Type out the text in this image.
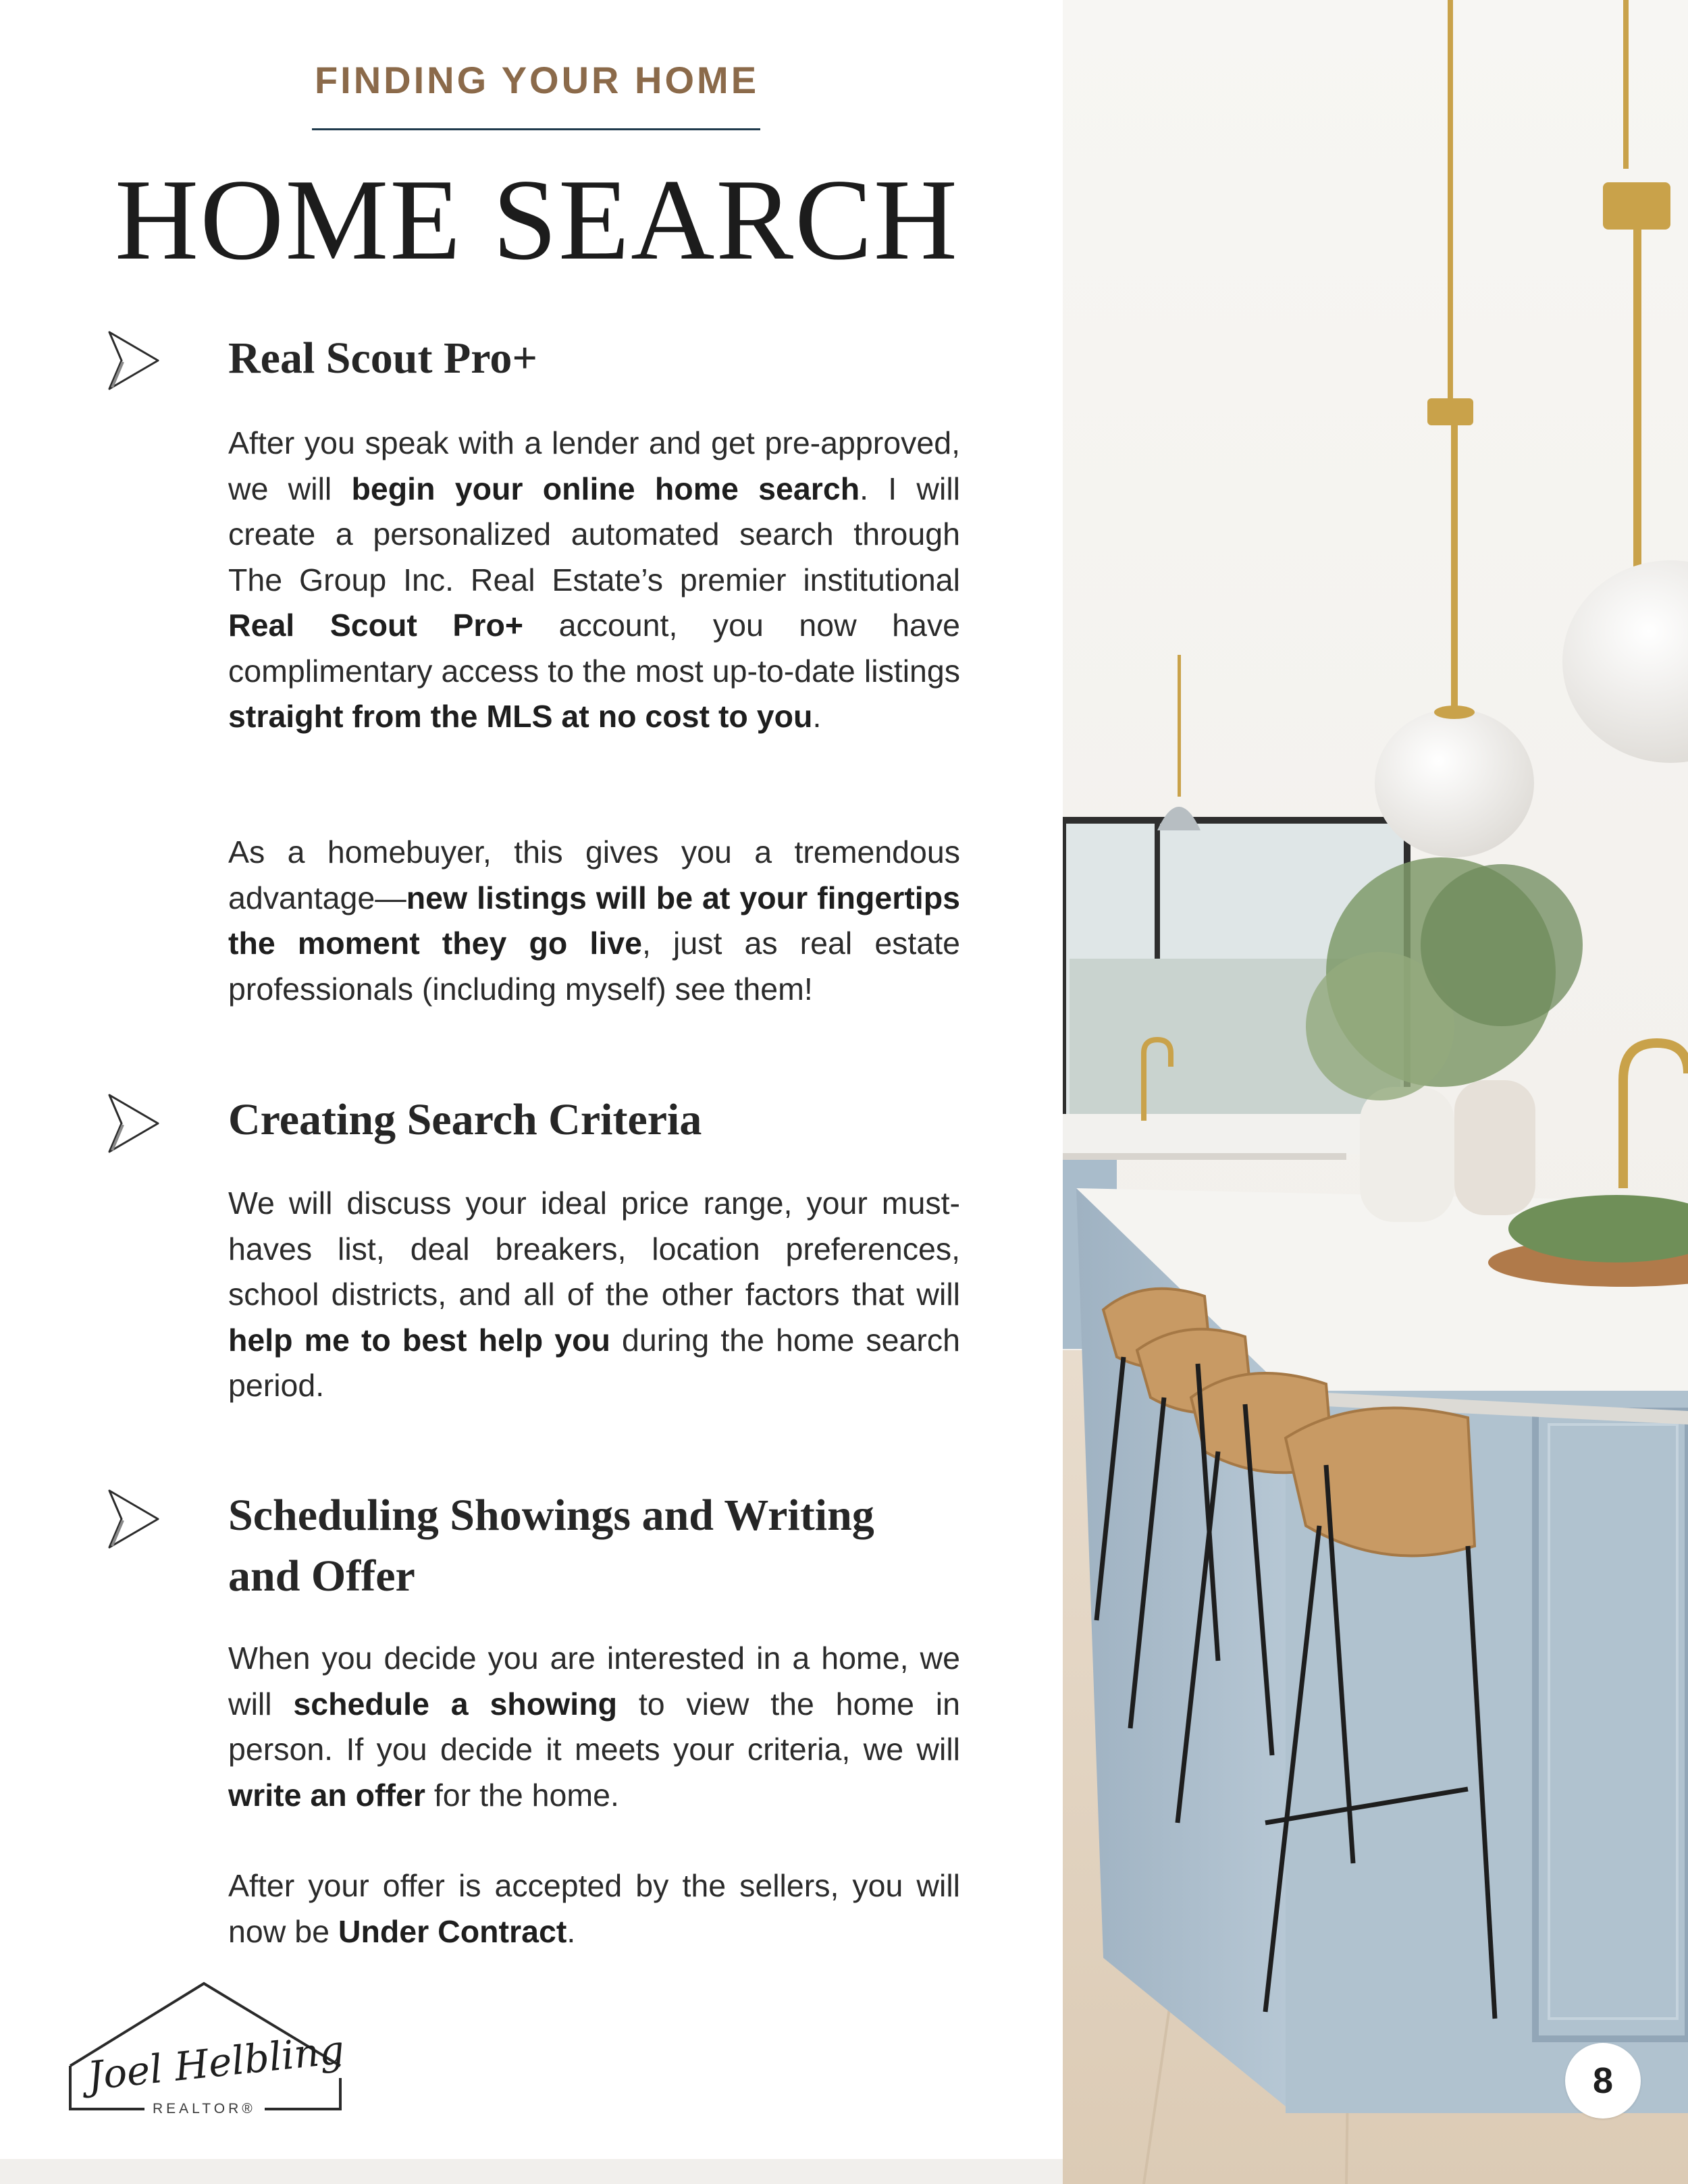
FINDING YOUR HOME
HOME SEARCH
Real Scout Pro+

After you speak with a lender and get pre-approved, we will begin your online home search. I will create a personalized automated search through The Group Inc. Real Estate’s premier institutional Real Scout Pro+ account, you now have complimentary access to the most up-to-date listings straight from the MLS at no cost to you.

As a homebuyer, this gives you a tremendous advantage—new listings will be at your fingertips the moment they go live, just as real estate professionals (including myself) see them!

Creating Search Criteria

We will discuss your ideal price range, your must-haves list, deal breakers, location preferences, school districts, and all of the other factors that will help me to best help you during the home search period.

Scheduling Showings and Writing and Offer

When you decide you are interested in a home, we will schedule a showing to view the home in person. If you decide it meets your criteria, we will write an offer for the home.

After your offer is accepted by the sellers, you will now be Under Contract.

Joel Helbling
REALTOR®
8
